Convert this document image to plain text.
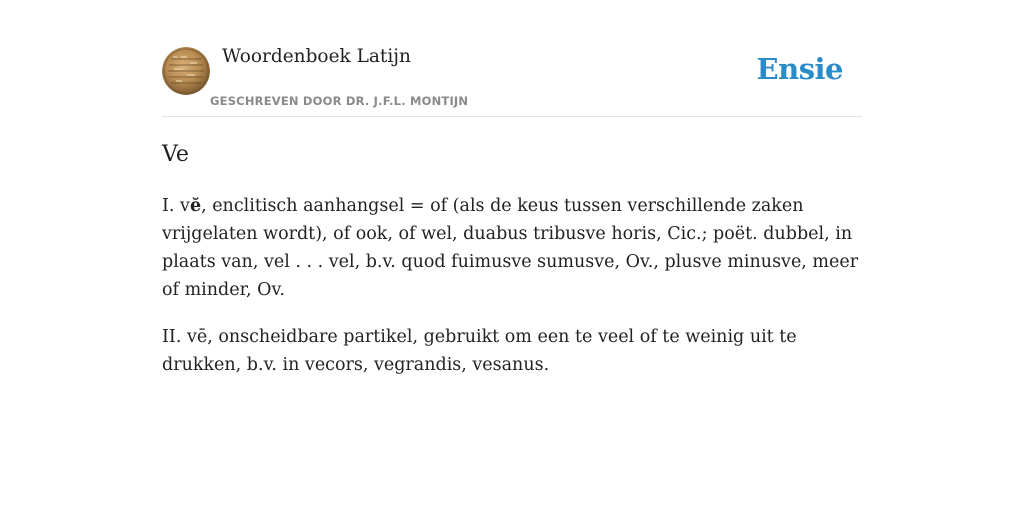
Woordenboek Latijn
GESCHREVEN DOOR DR. J.F.L. MONTIJN
Ensie
Ve

I. vĕ, enclitisch aanhangsel = of (als de keus tussen verschillende zaken vrijgelaten wordt), of ook, of wel, duabus tribusve horis, Cic.; poët. dubbel, in plaats van, vel . . . vel, b.v. quod fuimusve sumusve, Ov., plusve minusve, meer of minder, Ov.

II. vē, onscheidbare partikel, gebruikt om een te veel of te weinig uit te drukken, b.v. in vecors, vegrandis, vesanus.
